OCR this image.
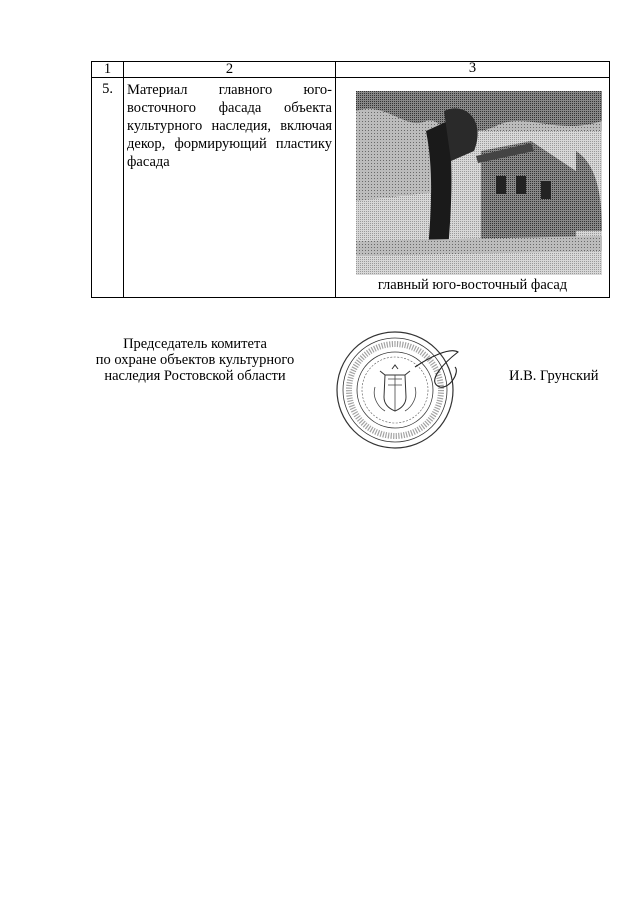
1	2	3
5.	Материал главного юго-восточного фасада объекта культурного наследия, включая декор, формирующий пластику фасада	главный юго-восточный фасад
Председатель комитета
по охране объектов культурного
наследия Ростовской области	И.В. Грунский
